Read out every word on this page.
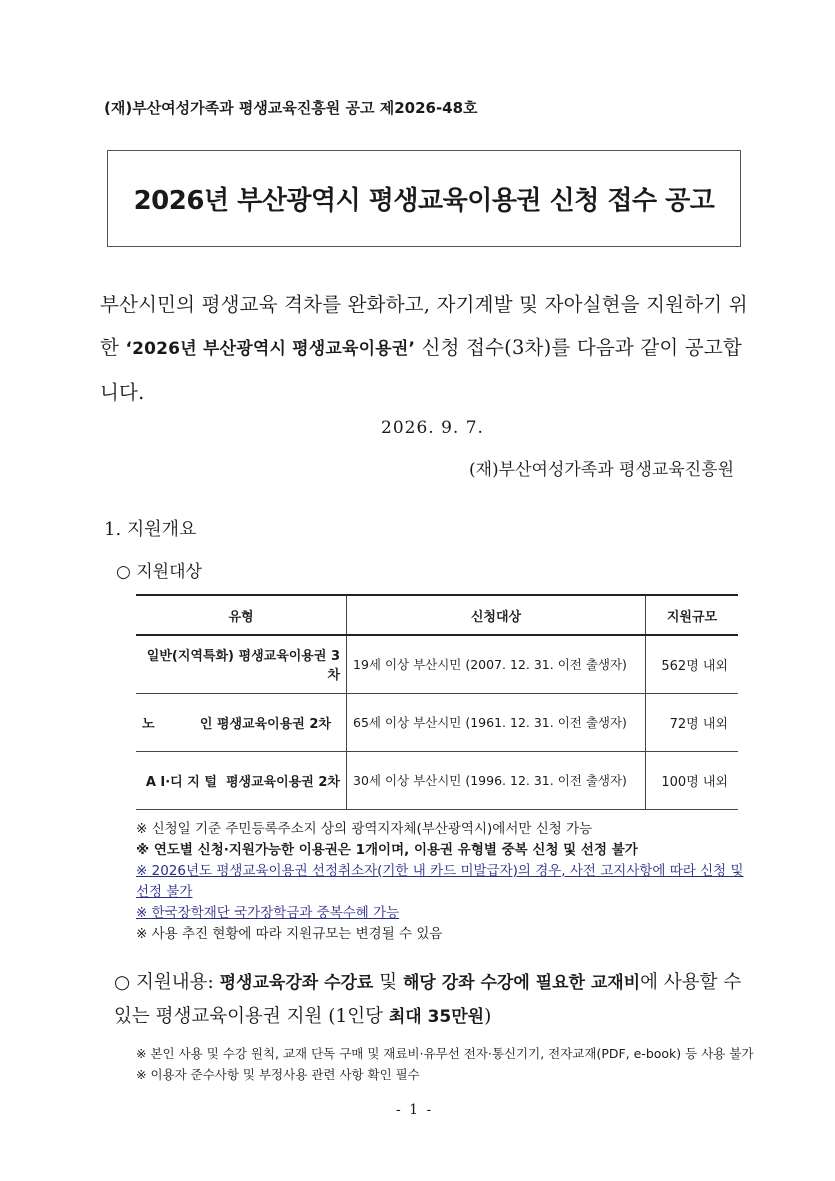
(재)부산여성가족과 평생교육진흥원 공고 제2026-48호
2026년 부산광역시 평생교육이용권 신청 접수 공고
부산시민의 평생교육 격차를 완화하고, 자기계발 및 자아실현을 지원하기 위한 ‘2026년 부산광역시 평생교육이용권’ 신청 접수(3차)를 다음과 같이 공고합니다.
2026. 9. 7.
(재)부산여성가족과 평생교육진흥원
1. 지원개요
○ 지원대상
유형	신청대상	지원규모
일반(지역특화) 평생교육이용권 3차	19세 이상 부산시민 (2007. 12. 31. 이전 출생자)	562명 내외
노          인 평생교육이용권 2차	65세 이상 부산시민 (1961. 12. 31. 이전 출생자)	72명 내외
A I·디 지 털  평생교육이용권 2차	30세 이상 부산시민 (1996. 12. 31. 이전 출생자)	100명 내외
※ 신청일 기준 주민등록주소지 상의 광역지자체(부산광역시)에서만 신청 가능
※ 연도별 신청·지원가능한 이용권은 1개이며, 이용권 유형별 중복 신청 및 선정 불가
※ 2026년도 평생교육이용권 선정취소자(기한 내 카드 미발급자)의 경우, 사전 고지사항에 따라 신청 및 선정 불가
※ 한국장학재단 국가장학금과 중복수혜 가능
※ 사용 추진 현황에 따라 지원규모는 변경될 수 있음
○ 지원내용: 평생교육강좌 수강료 및 해당 강좌 수강에 필요한 교재비에 사용할 수 있는 평생교육이용권 지원 (1인당 최대 35만원)
※ 본인 사용 및 수강 원칙, 교재 단독 구매 및 재료비·유무선 전자·통신기기, 전자교재(PDF, e-book) 등 사용 불가
※ 이용자 준수사항 및 부정사용 관련 사항 확인 필수
- 1 -
